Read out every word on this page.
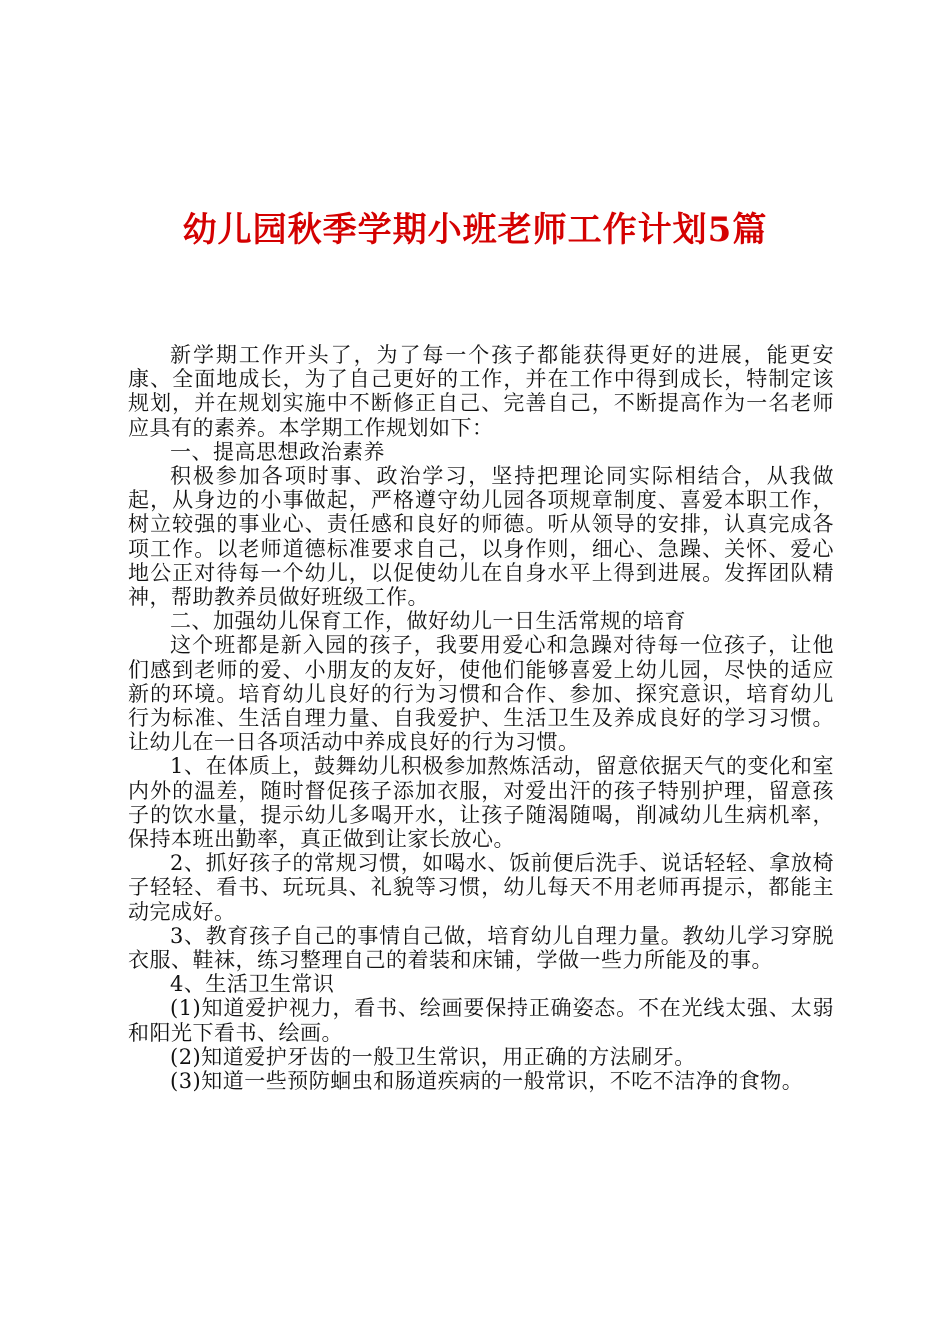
幼儿园秋季学期小班老师工作计划5篇

新学期工作开头了，为了每一个孩子都能获得更好的进展，能更安康、全面地成长，为了自己更好的工作，并在工作中得到成长，特制定该规划，并在规划实施中不断修正自己、完善自己，不断提高作为一名老师应具有的素养。本学期工作规划如下：

一、提高思想政治素养

积极参加各项时事、政治学习，坚持把理论同实际相结合，从我做起，从身边的小事做起，严格遵守幼儿园各项规章制度、喜爱本职工作，树立较强的事业心、责任感和良好的师德。听从领导的安排，认真完成各项工作。以老师道德标准要求自己，以身作则，细心、急躁、关怀、爱心地公正对待每一个幼儿，以促使幼儿在自身水平上得到进展。发挥团队精神，帮助教养员做好班级工作。

二、加强幼儿保育工作，做好幼儿一日生活常规的培育

这个班都是新入园的孩子，我要用爱心和急躁对待每一位孩子，让他们感到老师的爱、小朋友的友好，使他们能够喜爱上幼儿园，尽快的适应新的环境。培育幼儿良好的行为习惯和合作、参加、探究意识，培育幼儿行为标准、生活自理力量、自我爱护、生活卫生及养成良好的学习习惯。让幼儿在一日各项活动中养成良好的行为习惯。

1、在体质上，鼓舞幼儿积极参加熬炼活动，留意依据天气的变化和室内外的温差，随时督促孩子添加衣服，对爱出汗的孩子特别护理，留意孩子的饮水量，提示幼儿多喝开水，让孩子随渴随喝，削减幼儿生病机率，保持本班出勤率，真正做到让家长放心。

2、抓好孩子的常规习惯，如喝水、饭前便后洗手、说话轻轻、拿放椅子轻轻、看书、玩玩具、礼貌等习惯，幼儿每天不用老师再提示，都能主动完成好。

3、教育孩子自己的事情自己做，培育幼儿自理力量。教幼儿学习穿脱衣服、鞋袜，练习整理自己的着装和床铺，学做一些力所能及的事。

4、生活卫生常识

(1)知道爱护视力，看书、绘画要保持正确姿态。不在光线太强、太弱和阳光下看书、绘画。

(2)知道爱护牙齿的一般卫生常识，用正确的方法刷牙。

(3)知道一些预防蛔虫和肠道疾病的一般常识，不吃不洁净的食物。
